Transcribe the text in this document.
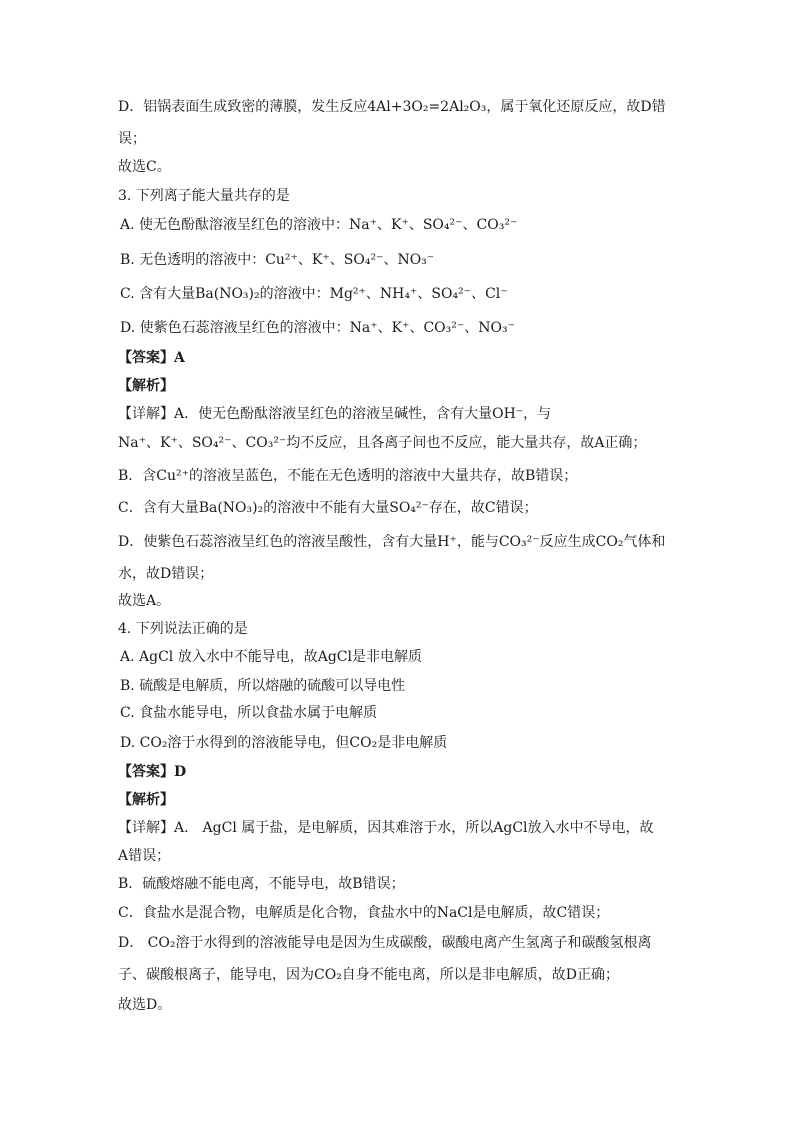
D．铝锅表面生成致密的薄膜，发生反应4Al+3O₂=2Al₂O₃，属于氧化还原反应，故D错
误；
故选C。
3. 下列离子能大量共存的是
A. 使无色酚酞溶液呈红色的溶液中：Na⁺、K⁺、SO₄²⁻、CO₃²⁻
B. 无色透明的溶液中：Cu²⁺、K⁺、SO₄²⁻、NO₃⁻
C. 含有大量Ba(NO₃)₂的溶液中：Mg²⁺、NH₄⁺、SO₄²⁻、Cl⁻
D. 使紫色石蕊溶液呈红色的溶液中：Na⁺、K⁺、CO₃²⁻、NO₃⁻
【答案】A
【解析】
【详解】A．使无色酚酞溶液呈红色的溶液呈碱性，含有大量OH⁻，与
Na⁺、K⁺、SO₄²⁻、CO₃²⁻均不反应，且各离子间也不反应，能大量共存，故A正确；
B．含Cu²⁺的溶液呈蓝色，不能在无色透明的溶液中大量共存，故B错误；
C．含有大量Ba(NO₃)₂的溶液中不能有大量SO₄²⁻存在，故C错误；
D．使紫色石蕊溶液呈红色的溶液呈酸性，含有大量H⁺，能与CO₃²⁻反应生成CO₂气体和
水，故D错误；
故选A。
4. 下列说法正确的是
A. AgCl 放入水中不能导电，故AgCl是非电解质
B. 硫酸是电解质，所以熔融的硫酸可以导电性
C. 食盐水能导电，所以食盐水属于电解质
D. CO₂溶于水得到的溶液能导电，但CO₂是非电解质
【答案】D
【解析】
【详解】A． AgCl 属于盐，是电解质，因其难溶于水，所以AgCl放入水中不导电，故
A错误；
B．硫酸熔融不能电离，不能导电，故B错误；
C．食盐水是混合物，电解质是化合物，食盐水中的NaCl是电解质，故C错误；
D． CO₂溶于水得到的溶液能导电是因为生成碳酸，碳酸电离产生氢离子和碳酸氢根离
子、碳酸根离子，能导电，因为CO₂自身不能电离，所以是非电解质，故D正确；
故选D。
